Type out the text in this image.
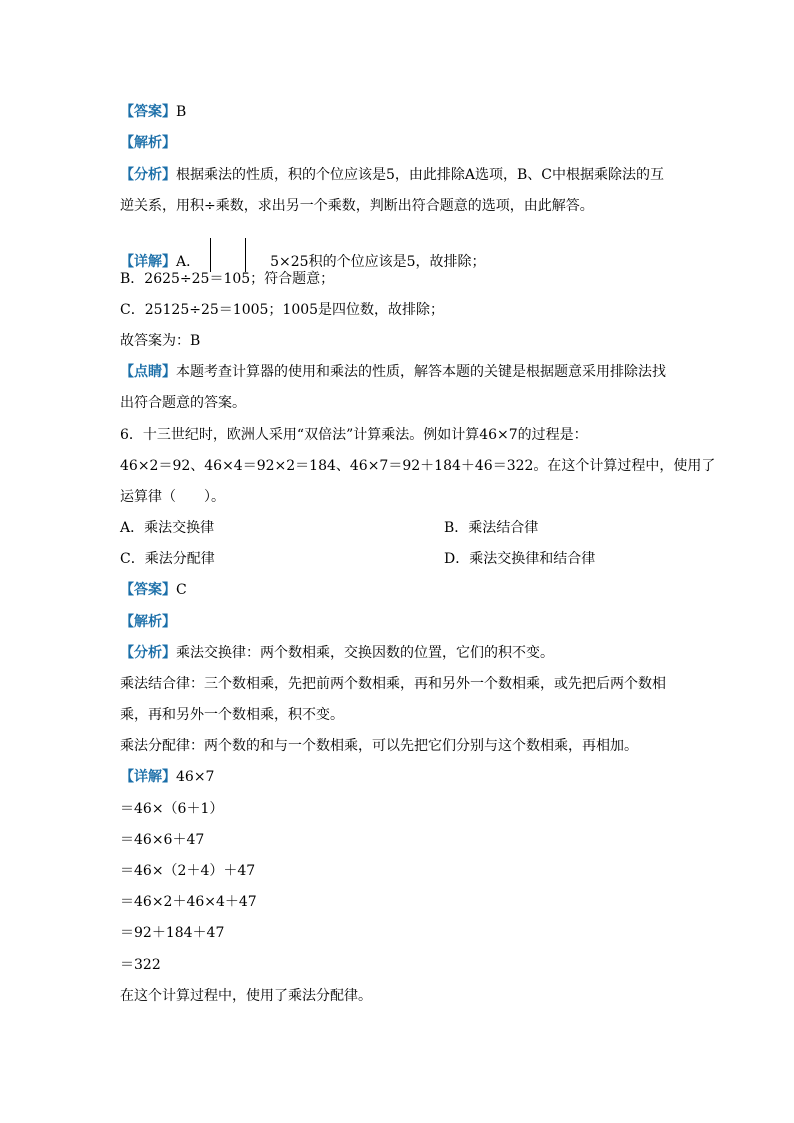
【答案】B
【解析】
【分析】根据乘法的性质，积的个位应该是5，由此排除A选项，B、C中根据乘除法的互
逆关系，用积÷乘数，求出另一个乘数，判断出符合题意的选项，由此解答。
【详解】A．	5×25积的个位应该是5，故排除；
B．2625÷25＝105；符合题意；
C．25125÷25＝1005；1005是四位数，故排除；
故答案为：B
【点睛】本题考查计算器的使用和乘法的性质，解答本题的关键是根据题意采用排除法找
出符合题意的答案。
6．十三世纪时，欧洲人采用“双倍法”计算乘法。例如计算46×7的过程是：
46×2＝92、46×4＝92×2＝184、46×7＝92＋184＋46＝322。在这个计算过程中，使用了
运算律（　　）。
A．乘法交换律	B．乘法结合律
C．乘法分配律	D．乘法交换律和结合律
【答案】C
【解析】
【分析】乘法交换律：两个数相乘，交换因数的位置，它们的积不变。
乘法结合律：三个数相乘，先把前两个数相乘，再和另外一个数相乘，或先把后两个数相
乘，再和另外一个数相乘，积不变。
乘法分配律：两个数的和与一个数相乘，可以先把它们分别与这个数相乘，再相加。
【详解】46×7
＝46×（6＋1）
＝46×6＋47
＝46×（2＋4）＋47
＝46×2＋46×4＋47
＝92＋184＋47
＝322
在这个计算过程中，使用了乘法分配律。
